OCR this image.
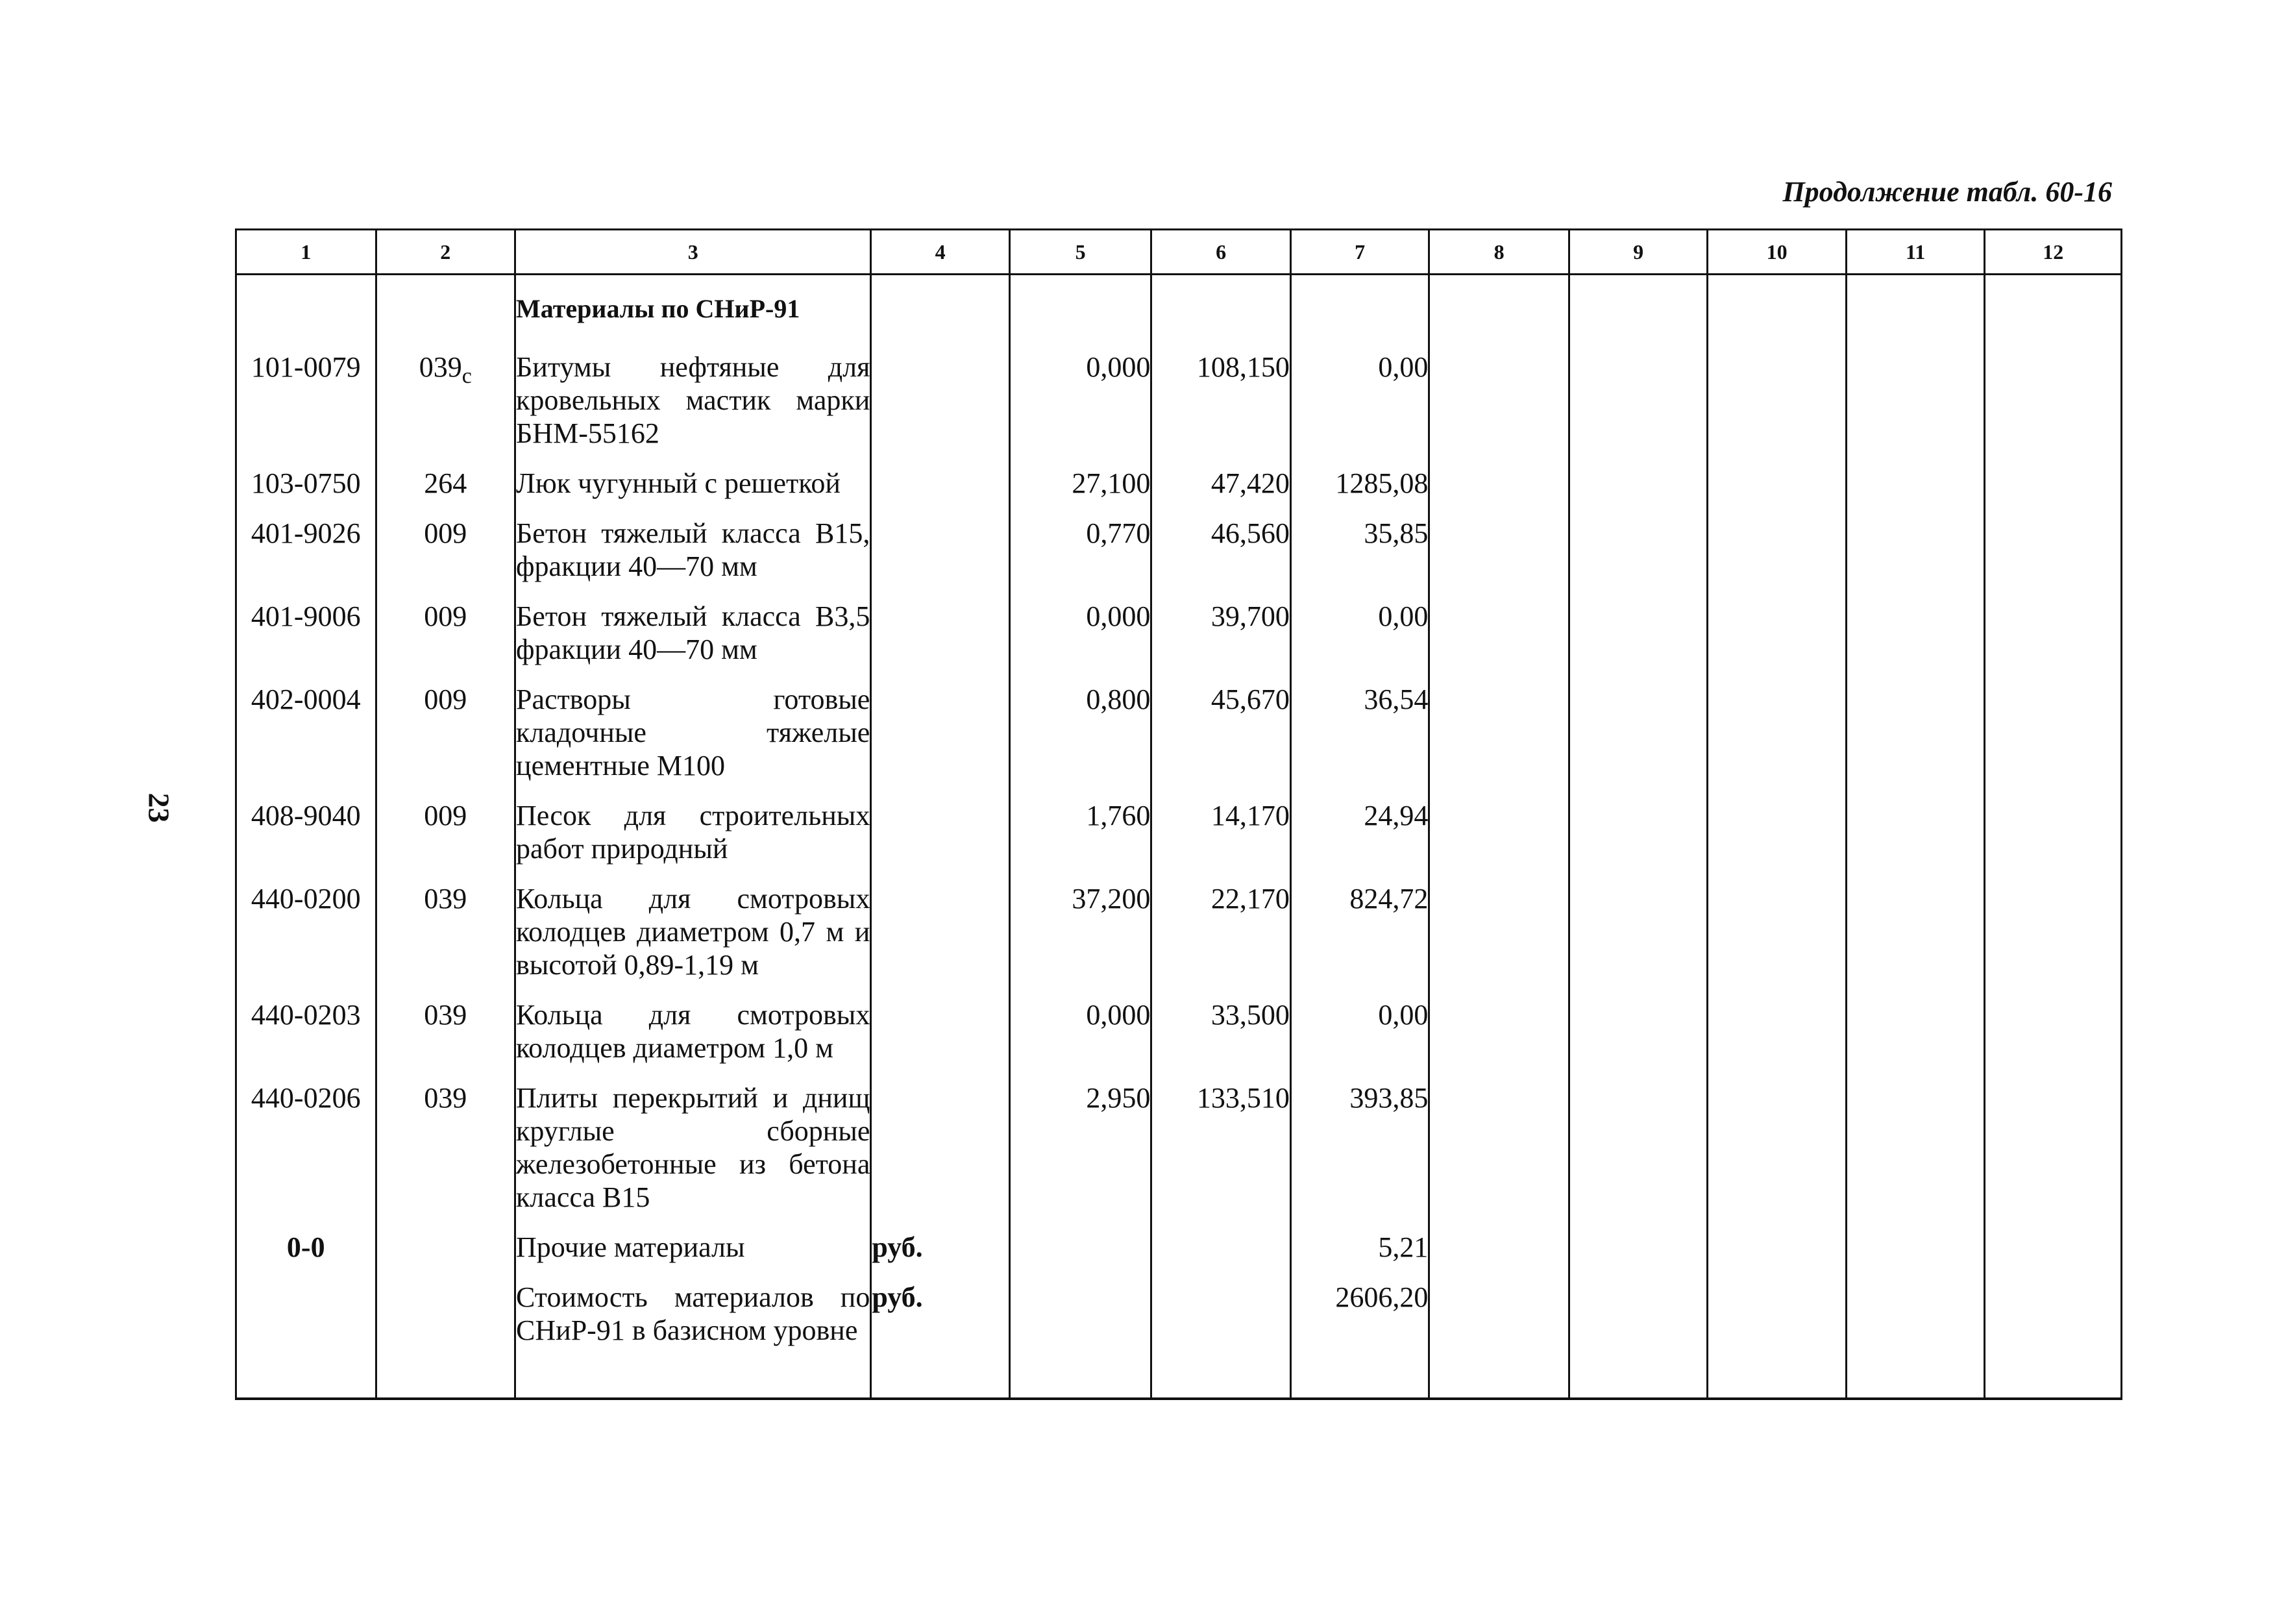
Продолжение табл. 60-16
23
1	2	3	4	5	6	7	8	9	10	11	12
		Материалы по СНиР-91									
101-0079	$039_с$	Битумы нефтяные для кровельных мастик марки БНМ-55162		0,000	108,150	0,00					
103-0750	264	Люк чугунный с решеткой		27,100	47,420	1285,08					
401-9026	009	Бетон тяжелый класса В15, фракции 40—70 мм		0,770	46,560	35,85					
401-9006	009	Бетон тяжелый класса В3,5 фракции 40—70 мм		0,000	39,700	0,00					
402-0004	009	Растворы готовые кладочные тяжелые цементные М100		0,800	45,670	36,54					
408-9040	009	Песок для строительных работ природный		1,760	14,170	24,94					
440-0200	039	Кольца для смотровых колодцев диаметром 0,7 м и высотой 0,89-1,19 м		37,200	22,170	824,72					
440-0203	039	Кольца для смотровых колодцев диаметром 1,0 м		0,000	33,500	0,00					
440-0206	039	Плиты перекрытий и днищ круглые сборные железобетонные из бетона класса В15		2,950	133,510	393,85					
0-0		Прочие материалы	руб.			5,21					
		Стоимость материалов по СНиР-91 в базисном уровне	руб.			2606,20					
